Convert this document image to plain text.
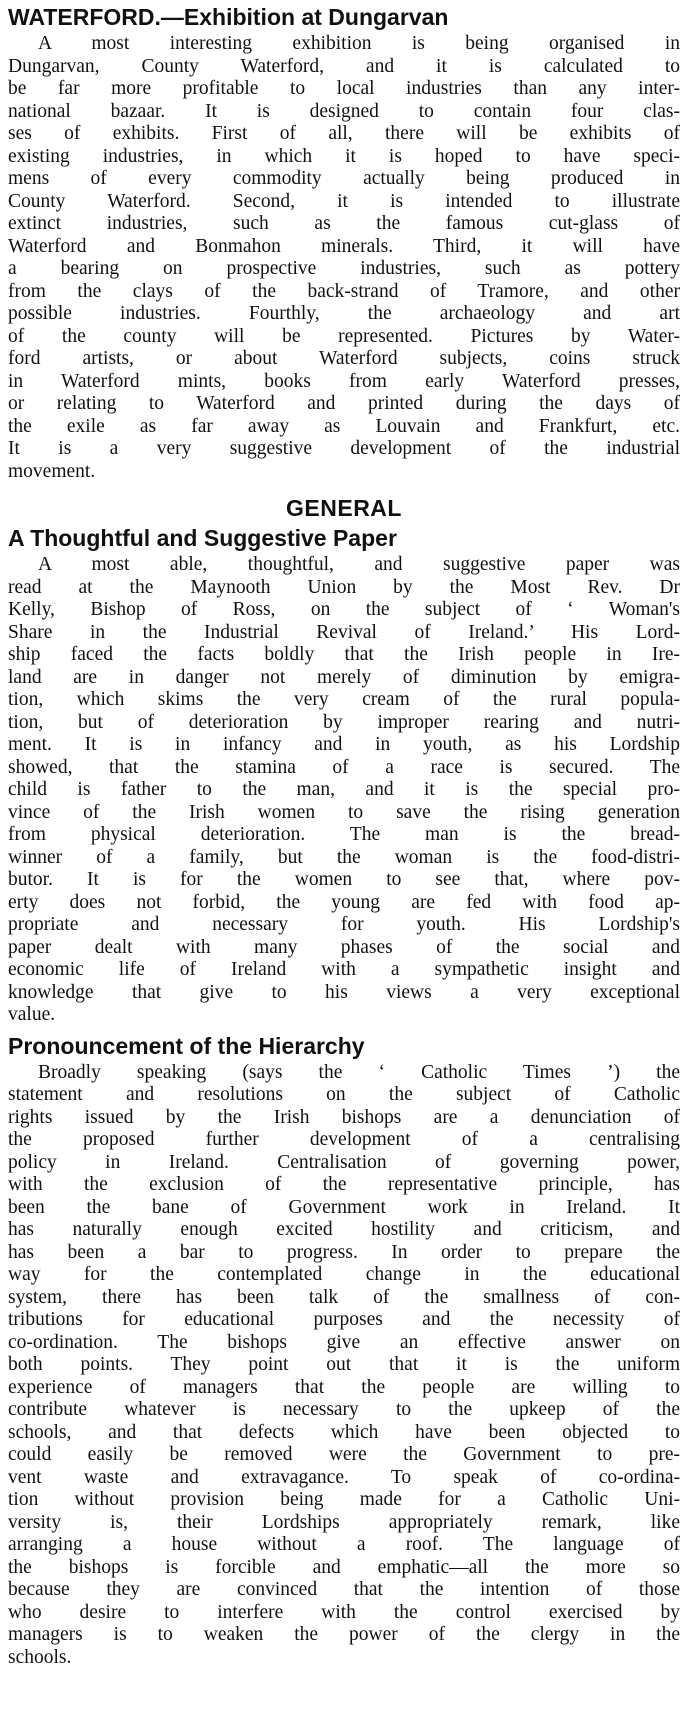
WATERFORD.—Exhibition at Dungarvan
A most interesting exhibition is being organised in
Dungarvan, County Waterford, and it is calculated to
be far more profitable to local industries than any inter-
national bazaar. It is designed to contain four clas-
ses of exhibits. First of all, there will be exhibits of
existing industries, in which it is hoped to have speci-
mens of every commodity actually being produced in
County Waterford. Second, it is intended to illustrate
extinct industries, such as the famous cut-glass of
Waterford and Bonmahon minerals. Third, it will have
a bearing on prospective industries, such as pottery
from the clays of the back-strand of Tramore, and other
possible industries. Fourthly, the archaeology and art
of the county will be represented. Pictures by Water-
ford artists, or about Waterford subjects, coins struck
in Waterford mints, books from early Waterford presses,
or relating to Waterford and printed during the days of
the exile as far away as Louvain and Frankfurt, etc.
It is a very suggestive development of the industrial
movement.
GENERAL
A Thoughtful and Suggestive Paper
A most able, thoughtful, and suggestive paper was
read at the Maynooth Union by the Most Rev. Dr
Kelly, Bishop of Ross, on the subject of ‘ Woman's
Share in the Industrial Revival of Ireland.’ His Lord-
ship faced the facts boldly that the Irish people in Ire-
land are in danger not merely of diminution by emigra-
tion, which skims the very cream of the rural popula-
tion, but of deterioration by improper rearing and nutri-
ment. It is in infancy and in youth, as his Lordship
showed, that the stamina of a race is secured. The
child is father to the man, and it is the special pro-
vince of the Irish women to save the rising generation
from physical deterioration. The man is the bread-
winner of a family, but the woman is the food-distri-
butor. It is for the women to see that, where pov-
erty does not forbid, the young are fed with food ap-
propriate and necessary for youth. His Lordship's
paper dealt with many phases of the social and
economic life of Ireland with a sympathetic insight and
knowledge that give to his views a very exceptional
value.
Pronouncement of the Hierarchy
Broadly speaking (says the ‘ Catholic Times ’) the
statement and resolutions on the subject of Catholic
rights issued by the Irish bishops are a denunciation of
the proposed further development of a centralising
policy in Ireland. Centralisation of governing power,
with the exclusion of the representative principle, has
been the bane of Government work in Ireland. It
has naturally enough excited hostility and criticism, and
has been a bar to progress. In order to prepare the
way for the contemplated change in the educational
system, there has been talk of the smallness of con-
tributions for educational purposes and the necessity of
co-ordination. The bishops give an effective answer on
both points. They point out that it is the uniform
experience of managers that the people are willing to
contribute whatever is necessary to the upkeep of the
schools, and that defects which have been objected to
could easily be removed were the Government to pre-
vent waste and extravagance. To speak of co-ordina-
tion without provision being made for a Catholic Uni-
versity is, their Lordships appropriately remark, like
arranging a house without a roof. The language of
the bishops is forcible and emphatic—all the more so
because they are convinced that the intention of those
who desire to interfere with the control exercised by
managers is to weaken the power of the clergy in the
schools.
